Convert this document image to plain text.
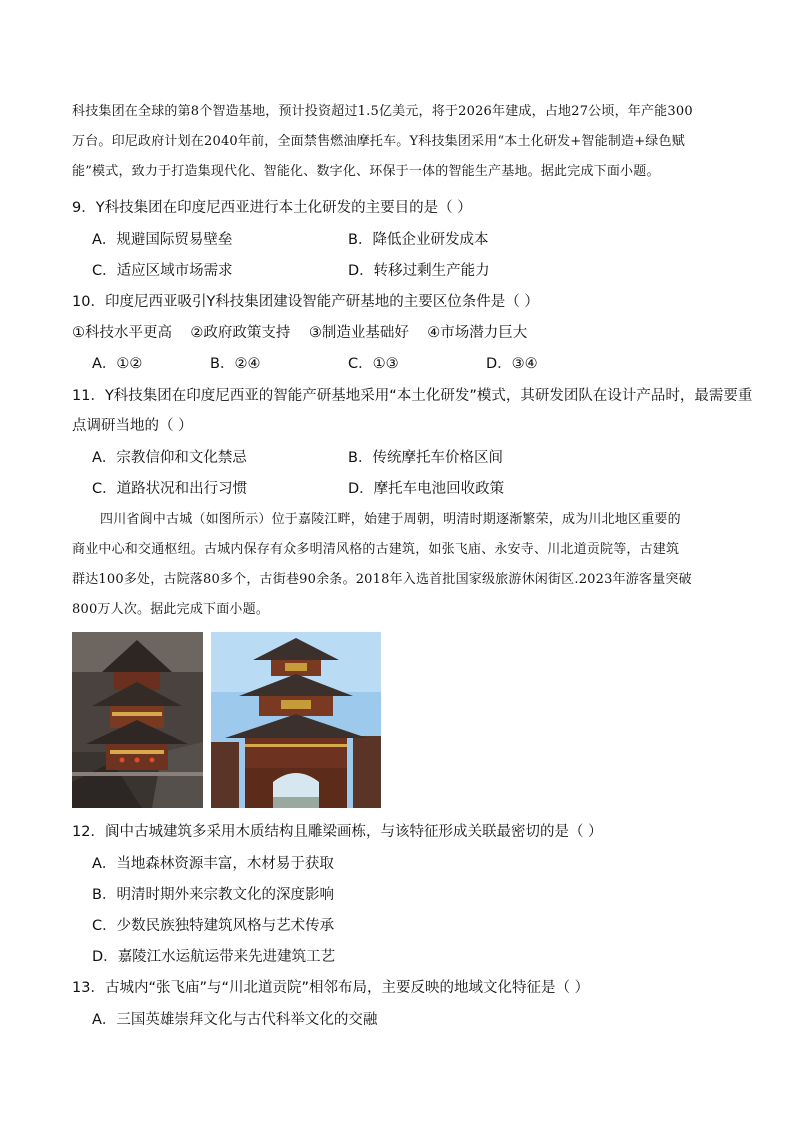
科技集团在全球的第8个智造基地，预计投资超过1.5亿美元，将于2026年建成，占地27公顷，年产能300
万台。印尼政府计划在2040年前，全面禁售燃油摩托车。Y科技集团采用“本土化研发+智能制造+绿色赋
能”模式，致力于打造集现代化、智能化、数字化、环保于一体的智能生产基地。据此完成下面小题。
9．Y科技集团在印度尼西亚进行本土化研发的主要目的是（ ）
A．规避国际贸易壁垒	B．降低企业研发成本
C．适应区域市场需求	D．转移过剩生产能力
10．印度尼西亚吸引Y科技集团建设智能产研基地的主要区位条件是（ ）
①科技水平更高    ②政府政策支持    ③制造业基础好    ④市场潜力巨大
A．①②	B．②④	C．①③	D．③④
11．Y科技集团在印度尼西亚的智能产研基地采用“本土化研发”模式，其研发团队在设计产品时，最需要重
点调研当地的（ ）
A．宗教信仰和文化禁忌	B．传统摩托车价格区间
C．道路状况和出行习惯	D．摩托车电池回收政策
四川省阆中古城（如图所示）位于嘉陵江畔，始建于周朝，明清时期逐渐繁荣，成为川北地区重要的
商业中心和交通枢纽。古城内保存有众多明清风格的古建筑，如张飞庙、永安寺、川北道贡院等，古建筑
群达100多处，古院落80多个，古街巷90余条。2018年入选首批国家级旅游休闲街区.2023年游客量突破
800万人次。据此完成下面小题。
12．阆中古城建筑多采用木质结构且雕梁画栋，与该特征形成关联最密切的是（ ）
A．当地森林资源丰富，木材易于获取
B．明清时期外来宗教文化的深度影响
C．少数民族独特建筑风格与艺术传承
D．嘉陵江水运航运带来先进建筑工艺
13．古城内“张飞庙”与“川北道贡院”相邻布局，主要反映的地域文化特征是（ ）
A．三国英雄崇拜文化与古代科举文化的交融
